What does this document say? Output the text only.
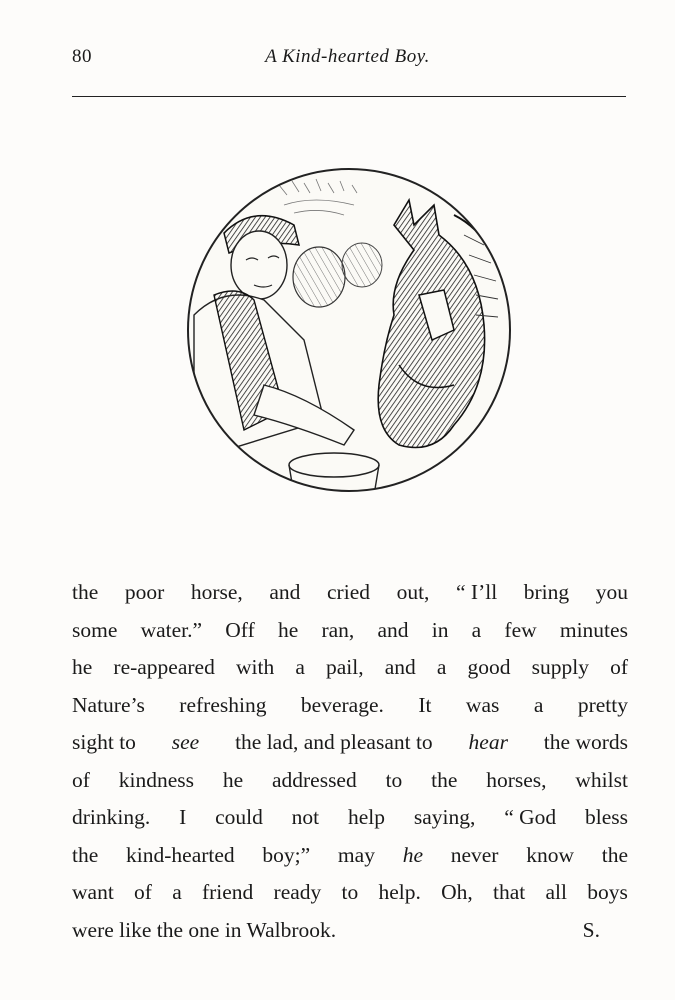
80	A Kind-hearted Boy.
the poor horse, and cried out, “ I’ll bring you
some water.” Off he ran, and in a few minutes
he re-appeared with a pail, and a good supply of
Nature’s refreshing beverage. It was a pretty
sight to see the lad, and pleasant to hear the words
of kindness he addressed to the horses, whilst
drinking. I could not help saying, “ God bless
the kind-hearted boy;” may he never know the
want of a friend ready to help. Oh, that all boys
were like the one in Walbrook.	S.
